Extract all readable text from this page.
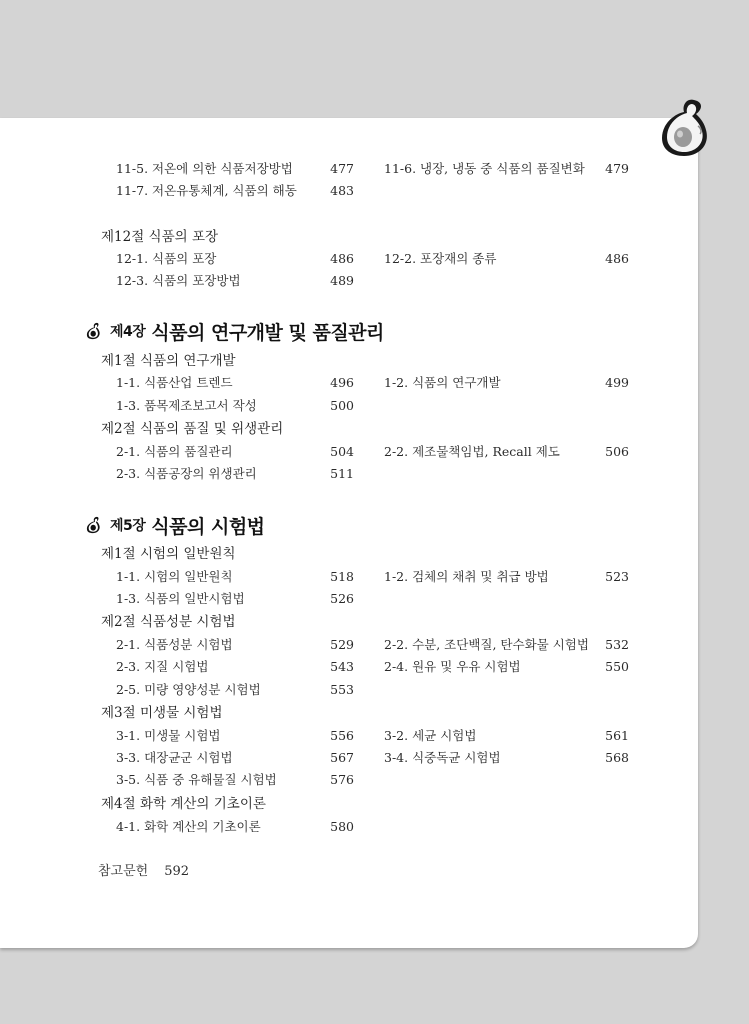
11-5. 저온에 의한 식품저장방법	477 11-6. 냉장, 냉동 중 식품의 품질변화	479
11-7. 저온유통체계, 식품의 해동	483
제12절 식품의 포장
12-1. 식품의 포장	486 12-2. 포장재의 종류	486
12-3. 식품의 포장방법	489
제4장 식품의 연구개발 및 품질관리
제1절 식품의 연구개발
1-1. 식품산업 트렌드	496 1-2. 식품의 연구개발	499
1-3. 품목제조보고서 작성	500
제2절 식품의 품질 및 위생관리
2-1. 식품의 품질관리	504 2-2. 제조물책임법, Recall 제도	506
2-3. 식품공장의 위생관리	511
제5장 식품의 시험법
제1절 시험의 일반원칙
1-1. 시험의 일반원칙	518 1-2. 검체의 채취 및 취급 방법	523
1-3. 식품의 일반시험법	526
제2절 식품성분 시험법
2-1. 식품성분 시험법	529 2-2. 수분, 조단백질, 탄수화물 시험법	532
2-3. 지질 시험법	543 2-4. 원유 및 우유 시험법	550
2-5. 미량 영양성분 시험법	553
제3절 미생물 시험법
3-1. 미생물 시험법	556 3-2. 세균 시험법	561
3-3. 대장균군 시험법	567 3-4. 식중독균 시험법	568
3-5. 식품 중 유해물질 시험법	576
제4절 화학 계산의 기초이론
4-1. 화학 계산의 기초이론	580
참고문헌 592
